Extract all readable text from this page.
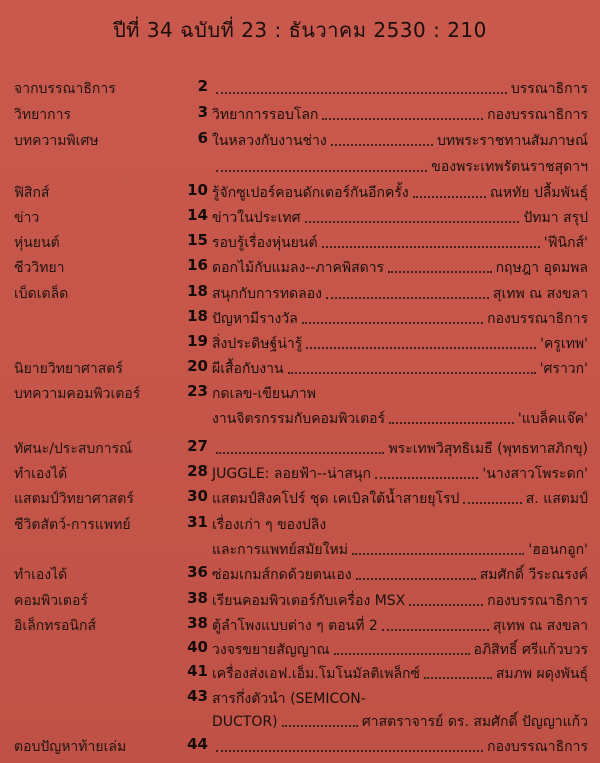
ปีที่ 34 ฉบับที่ 23 : ธันวาคม 2530 : 210
จากบรรณาธิการ	2	บรรณาธิการ
วิทยาการ	3 วิทยาการรอบโลก	กองบรรณาธิการ
บทความพิเศษ	6 ในหลวงกับงานช่าง	บทพระราชทานสัมภาษณ์
ของพระเทพรัตนราชสุดาฯ
ฟิสิกส์	10 รู้จักซูเปอร์คอนดักเตอร์กันอีกครั้ง	ณหทัย ปลื้มพันธุ์
ข่าว	14 ข่าวในประเทศ	ปัทมา สรุป
หุ่นยนต์	15 รอบรู้เรื่องหุ่นยนต์	'ฟีนิกส์'
ชีววิทยา	16 ดอกไม้กับแมลง--ภาคพิสดาร	กฤษฎา อุดมพล
เบ็ดเตล็ด	18 สนุกกับการทดลอง	สุเทพ ณ สงขลา
18 ปัญหามีรางวัล	กองบรรณาธิการ
19 สิ่งประดิษฐ์น่ารู้	'ครูเทพ'
นิยายวิทยาศาสตร์	20 ผีเสื้อกับงาน	'ศราวก'
บทความคอมพิวเตอร์	23 กดเลข-เขียนภาพ
งานจิตรกรรมกับคอมพิวเตอร์	'แบล็คแจ๊ค'
ทัศนะ/ประสบการณ์	27	พระเทพวิสุทธิเมธี (พุทธทาสภิกขุ)
ทำเองได้	28 JUGGLE: ลอยฟ้า--น่าสนุก	'นางสาวโพระดก'
แสตมป์วิทยาศาสตร์	30 แสตมป์สิงคโปร์ ชุด เคเบิลใต้น้ำสายยุโรป	ส. แสตมป์
ชีวิตสัตว์-การแพทย์	31 เรื่องเก่า ๆ ของปลิง
และการแพทย์สมัยใหม่	'ฮอนกอูก'
ทำเองได้	36 ซ่อมเกมส์กดด้วยตนเอง	สมศักดิ์ วีระณรงค์
คอมพิวเตอร์	38 เรียนคอมพิวเตอร์กับเครื่อง MSX	กองบรรณาธิการ
อิเล็กทรอนิกส์	38 ตู้ลำโพงแบบต่าง ๆ ตอนที่ 2	สุเทพ ณ สงขลา
40 วงจรขยายสัญญาณ	อภิสิทธิ์ ศรีแก้วบวร
41 เครื่องส่งเอฟ.เอ็ม.โมโนมัลติเพล็กซ์	สมภพ ผดุงพันธุ์
43 สารกึ่งตัวนำ (SEMICON-
DUCTOR)	ศาสตราจารย์ ดร. สมศักดิ์ ปัญญาแก้ว
ตอบปัญหาท้ายเล่ม	44	กองบรรณาธิการ
